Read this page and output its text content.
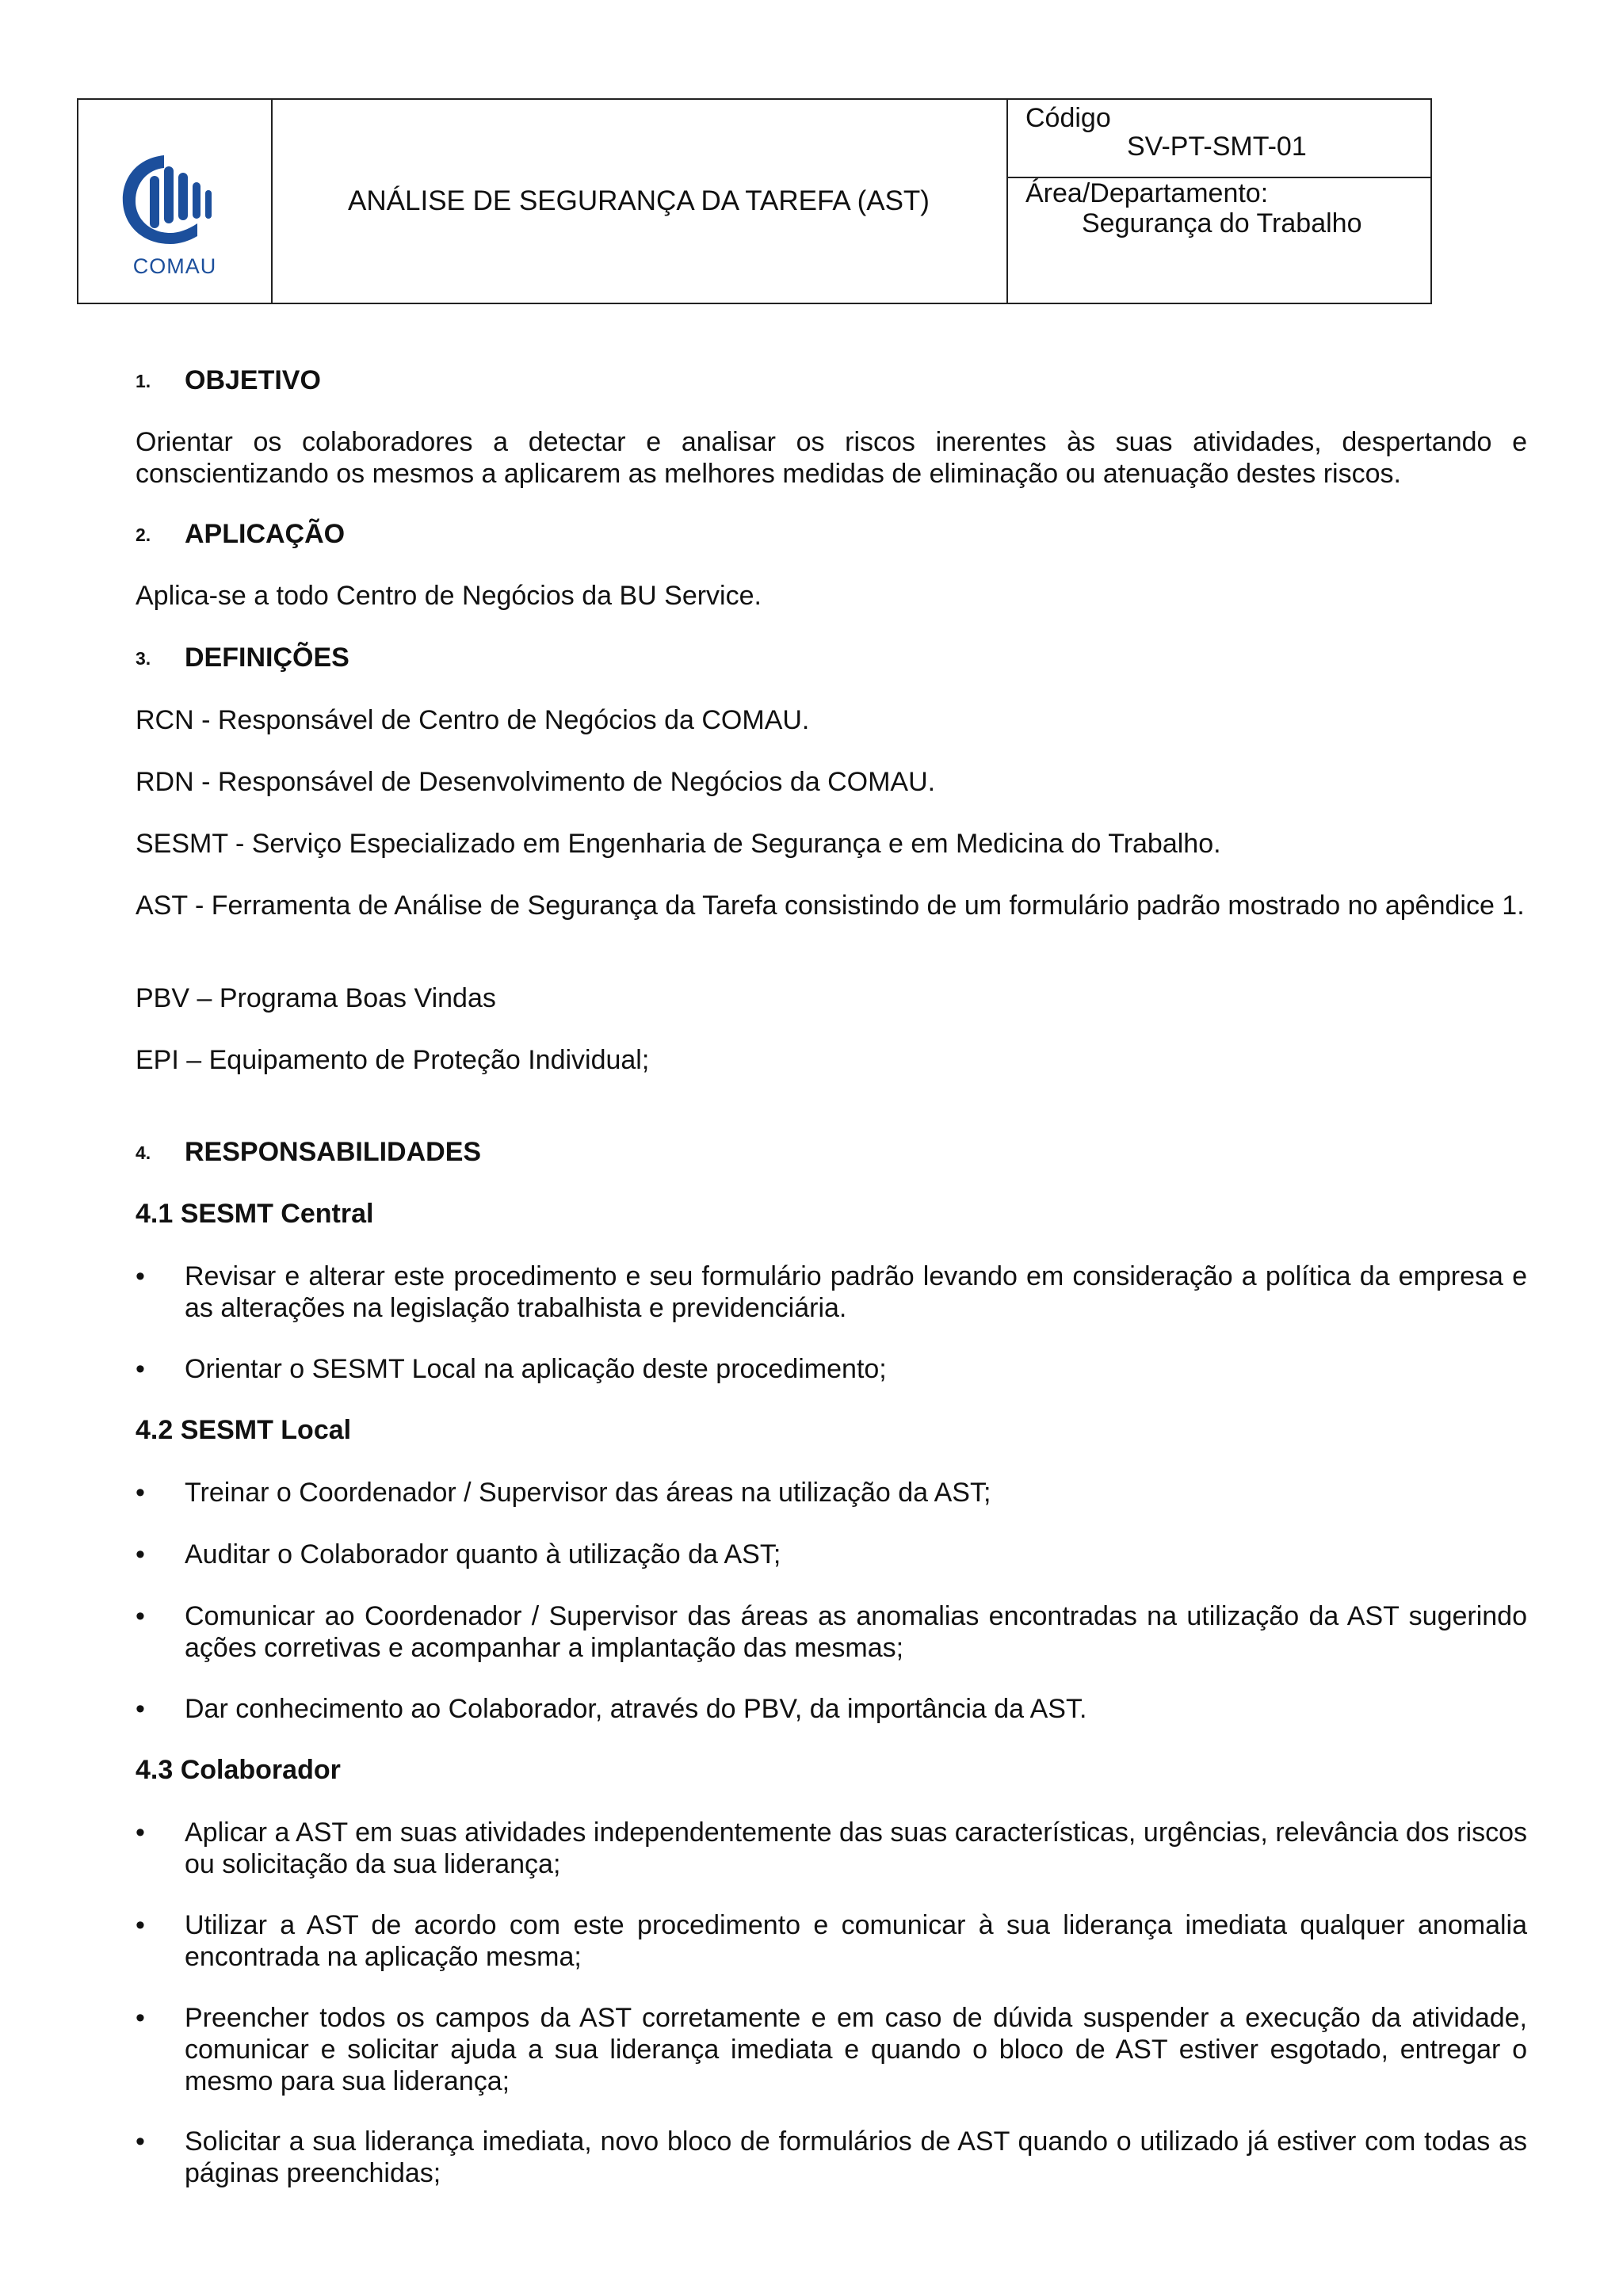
COMAU
ANÁLISE DE SEGURANÇA DA TAREFA (AST)
Código
SV-PT-SMT-01
Área/Departamento:
Segurança do Trabalho
1. OBJETIVO
Orientar os colaboradores a detectar e analisar os riscos inerentes às suas atividades, despertando e conscientizando os mesmos a aplicarem as melhores medidas de eliminação ou atenuação destes riscos.
2. APLICAÇÃO
Aplica-se a todo Centro de Negócios da BU Service.
3. DEFINIÇÕES
RCN - Responsável de Centro de Negócios da COMAU.
RDN - Responsável de Desenvolvimento de Negócios da COMAU.
SESMT - Serviço Especializado em Engenharia de Segurança e em Medicina do Trabalho.
AST - Ferramenta de Análise de Segurança da Tarefa consistindo de um formulário padrão mostrado no apêndice 1.
PBV – Programa Boas Vindas
EPI – Equipamento de Proteção Individual;
4. RESPONSABILIDADES
4.1 SESMT Central
• Revisar e alterar este procedimento e seu formulário padrão levando em consideração a política da empresa e as alterações na legislação trabalhista e previdenciária.
• Orientar o SESMT Local na aplicação deste procedimento;
4.2 SESMT Local
• Treinar o Coordenador / Supervisor das áreas na utilização da AST;
• Auditar o Colaborador quanto à utilização da AST;
• Comunicar ao Coordenador / Supervisor das áreas as anomalias encontradas na utilização da AST sugerindo ações corretivas e acompanhar a implantação das mesmas;
• Dar conhecimento ao Colaborador, através do PBV, da importância da AST.
4.3 Colaborador
• Aplicar a AST em suas atividades independentemente das suas características, urgências, relevância dos riscos ou solicitação da sua liderança;
• Utilizar a AST de acordo com este procedimento e comunicar à sua liderança imediata qualquer anomalia encontrada na aplicação mesma;
• Preencher todos os campos da AST corretamente e em caso de dúvida suspender a execução da atividade, comunicar e solicitar ajuda a sua liderança imediata e quando o bloco de AST estiver esgotado, entregar o mesmo para sua liderança;
• Solicitar a sua liderança imediata, novo bloco de formulários de AST quando o utilizado já estiver com todas as páginas preenchidas;
